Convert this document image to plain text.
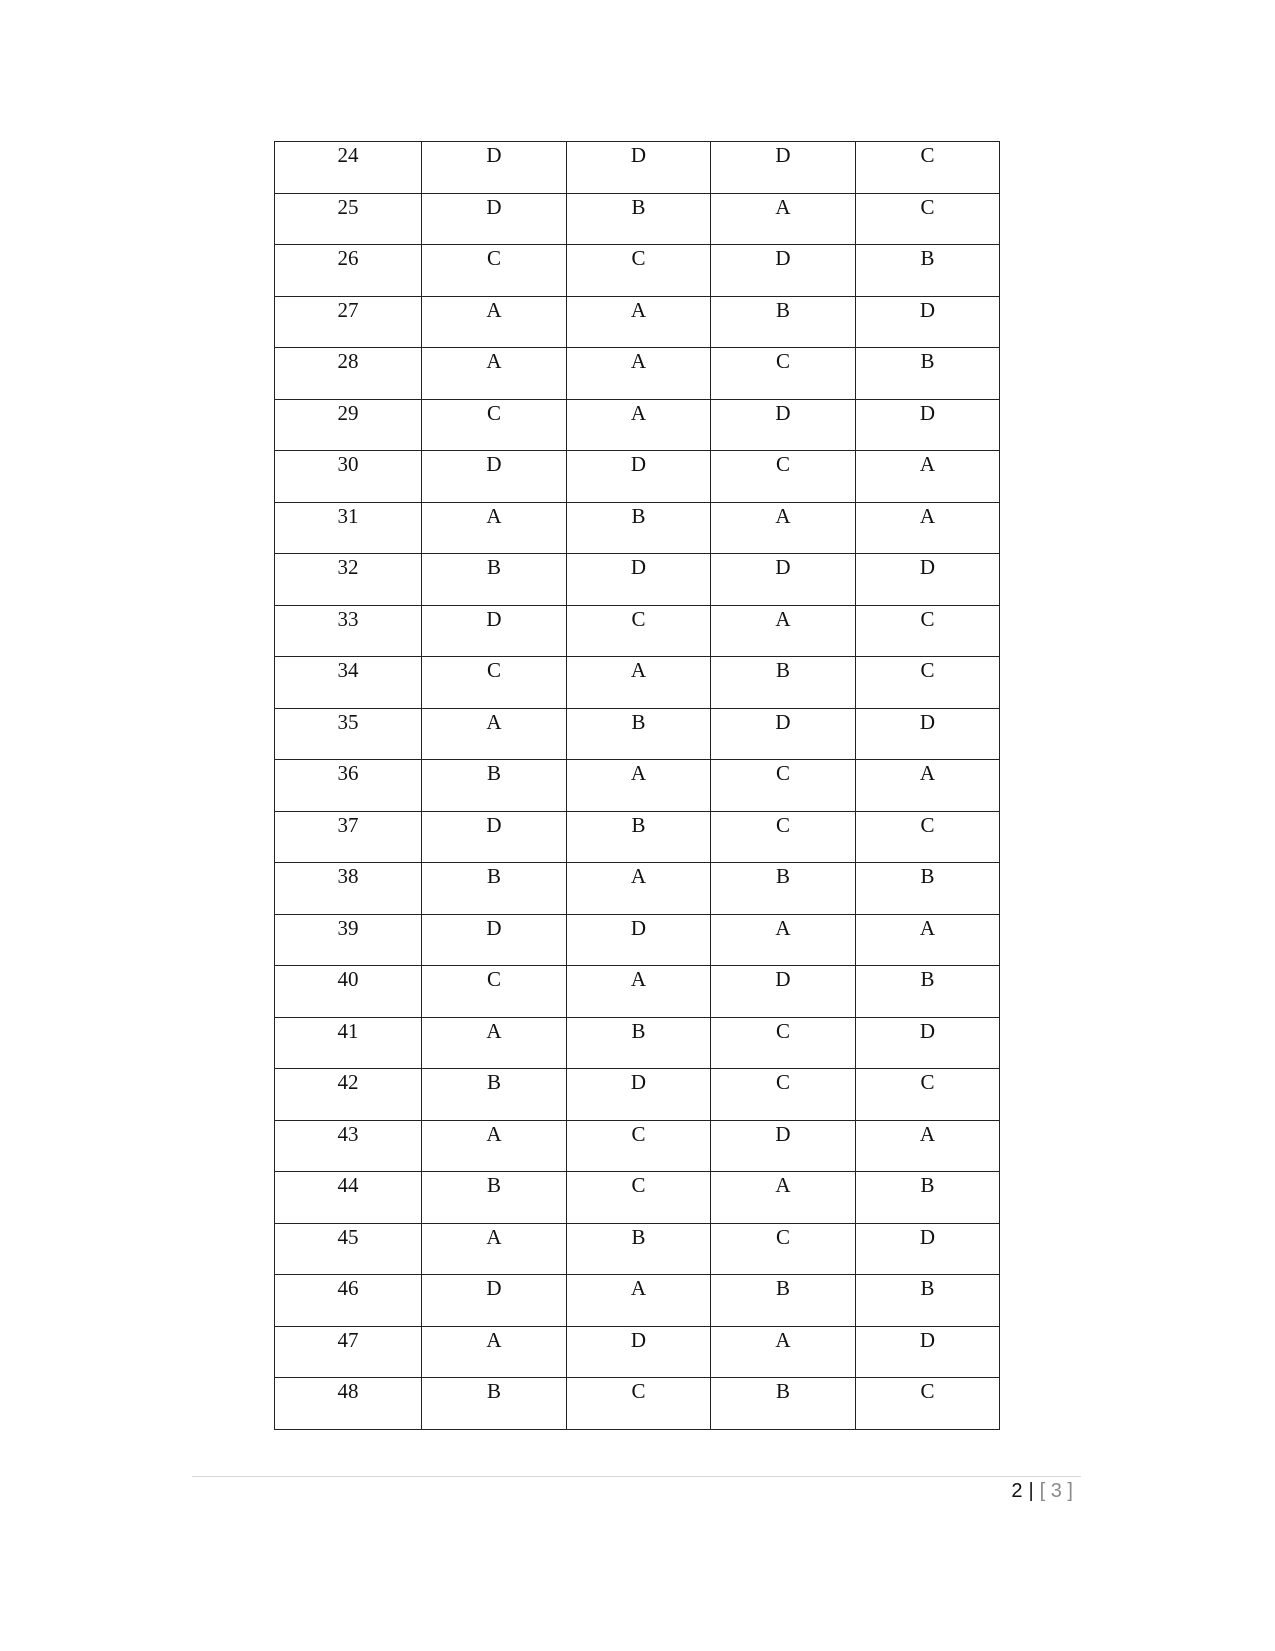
24	D	D	D	C

25	D	B	A	C

26	C	C	D	B

27	A	A	B	D

28	A	A	C	B

29	C	A	D	D

30	D	D	C	A

31	A	B	A	A

32	B	D	D	D

33	D	C	A	C

34	C	A	B	C

35	A	B	D	D

36	B	A	C	A

37	D	B	C	C

38	B	A	B	B

39	D	D	A	A

40	C	A	D	B

41	A	B	C	D

42	B	D	C	C

43	A	C	D	A

44	B	C	A	B

45	A	B	C	D

46	D	A	B	B

47	A	D	A	D

48	B	C	B	C
2 | [ 3 ]
